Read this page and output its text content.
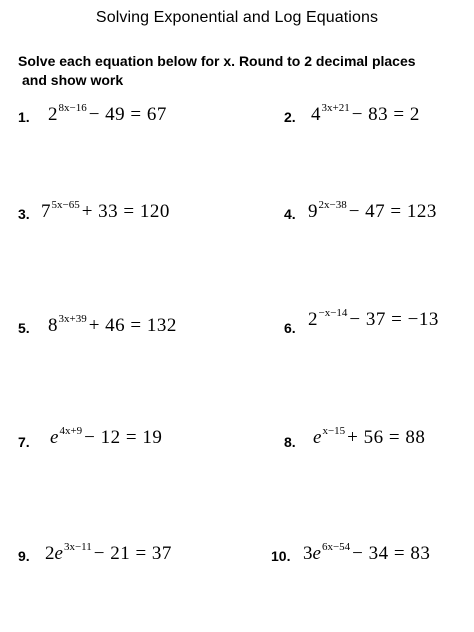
Solving Exponential and Log Equations
Solve each equation below for x. Round to 2 decimal places
and show work
1. $2^{8x-16} - 49 = 67$	2. $4^{3x+21} - 83 = 2$
3. $7^{5x-65} + 33 = 120$	4. $9^{2x-38} - 47 = 123$
5. $8^{3x+39} + 46 = 132$	6. $2^{-x-14} - 37 = -13$
7. $e^{4x+9} - 12 = 19$	8. $e^{x-15} + 56 = 88$
9. $2e^{3x-11} - 21 = 37$	10. $3e^{6x-54} - 34 = 83$
